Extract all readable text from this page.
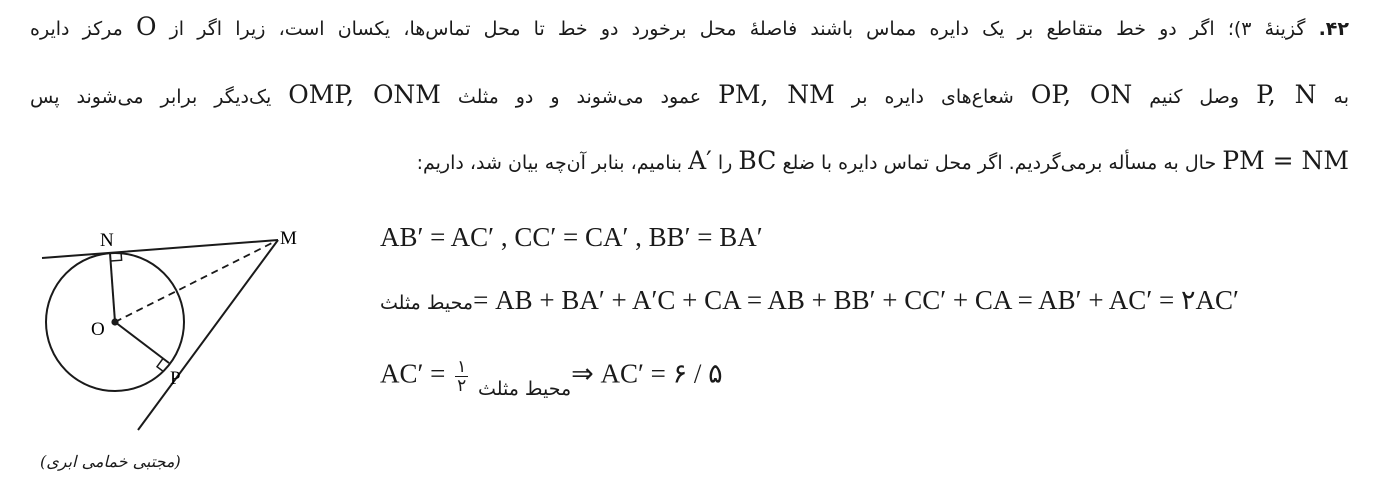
۴۲. گزینهٔ ۳)؛ اگر دو خط متقاطع بر یک دایره مماس باشند فاصلهٔ محل برخورد دو خط تا محل تماس‌ها، یکسان است، زیرا اگر از O مرکز دایره
به P, N وصل کنیم OP, ON شعاع‌های دایره بر PM, NM عمود می‌شوند و دو مثلث OMP, ONM یک‌دیگر برابر می‌شوند پس
PM = NM حال به مسأله برمی‌گردیم. اگر محل تماس دایره با ضلع BC را A′ بنامیم، بنابر آن‌چه بیان شد، داریم:
AB′ = AC′ , CC′ = CA′ , BB′ = BA′
محیط مثلث= AB + BA′ + A′C + CA = AB + BB′ + CC′ + CA = AB′ + AC′ = ۲AC′
$AC' = \frac{۱}{۲}$ $_{محیط مثلث}$⇒ AC′ = ۶ / ۵
N	M
O
P
(مجتبی خمامی ابری)
